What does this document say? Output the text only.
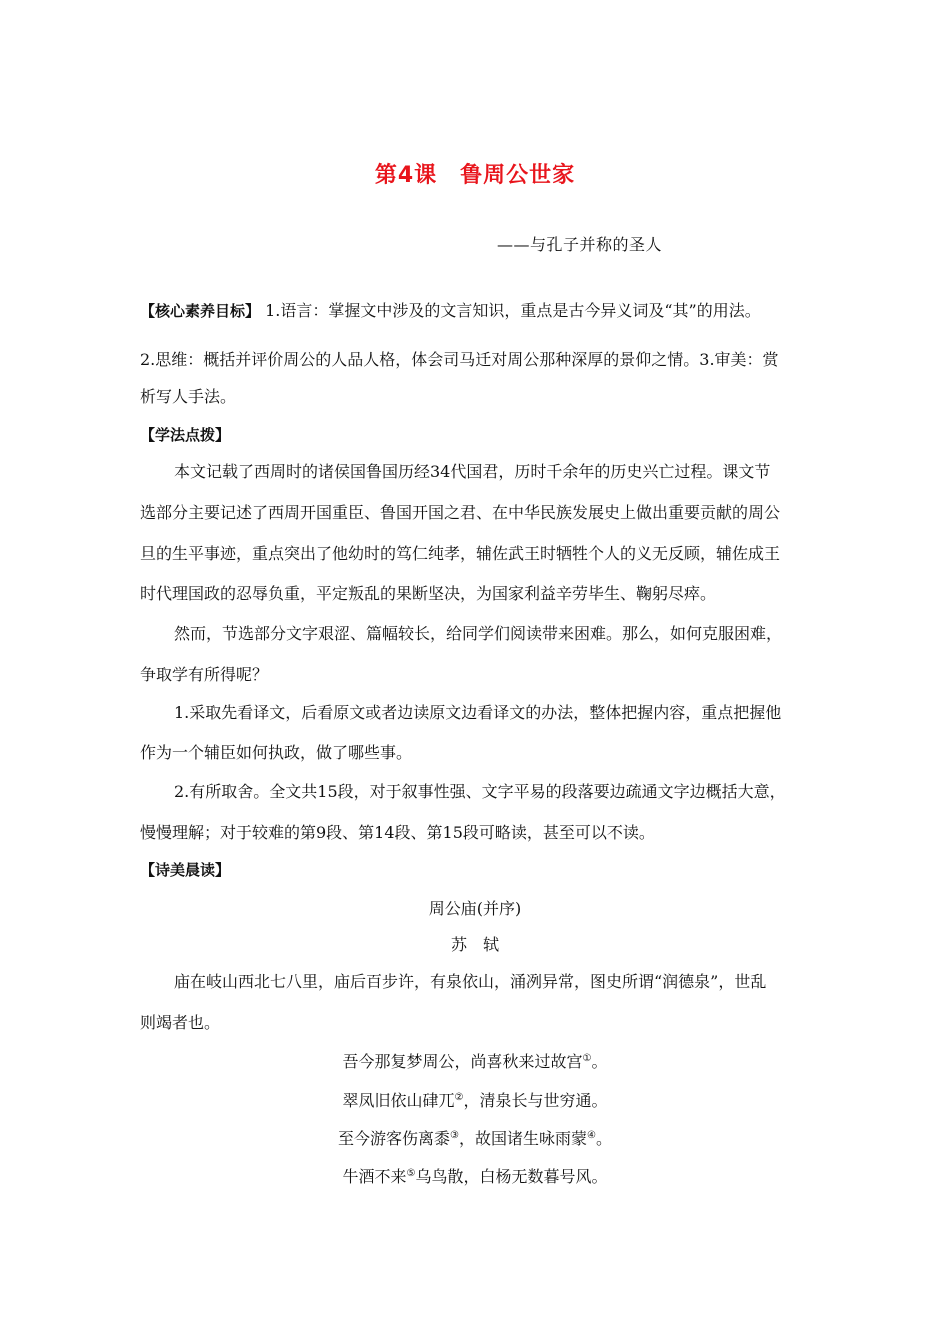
第4课　鲁周公世家
——与孔子并称的圣人
【核心素养目标】 1.语言：掌握文中涉及的文言知识，重点是古今异义词及“其”的用法。
2.思维：概括并评价周公的人品人格，体会司马迁对周公那种深厚的景仰之情。3.审美：赏
析写人手法。
【学法点拨】
本文记载了西周时的诸侯国鲁国历经34代国君，历时千余年的历史兴亡过程。课文节
选部分主要记述了西周开国重臣、鲁国开国之君、在中华民族发展史上做出重要贡献的周公
旦的生平事迹，重点突出了他幼时的笃仁纯孝，辅佐武王时牺牲个人的义无反顾，辅佐成王
时代理国政的忍辱负重，平定叛乱的果断坚决，为国家利益辛劳毕生、鞠躬尽瘁。
然而，节选部分文字艰涩、篇幅较长，给同学们阅读带来困难。那么，如何克服困难，
争取学有所得呢？
1.采取先看译文，后看原文或者边读原文边看译文的办法，整体把握内容，重点把握他
作为一个辅臣如何执政，做了哪些事。
2.有所取舍。全文共15段，对于叙事性强、文字平易的段落要边疏通文字边概括大意，
慢慢理解；对于较难的第9段、第14段、第15段可略读，甚至可以不读。
【诗美晨读】
周公庙(并序)
苏　轼
庙在岐山西北七八里，庙后百步许，有泉依山，涌冽异常，图史所谓“润德泉”，世乱
则竭者也。
吾今那复梦周公，尚喜秋来过故宫①。
翠凤旧依山硉兀②，清泉长与世穷通。
至今游客伤离黍③，故国诸生咏雨蒙④。
牛酒不来⑤乌鸟散，白杨无数暮号风。
